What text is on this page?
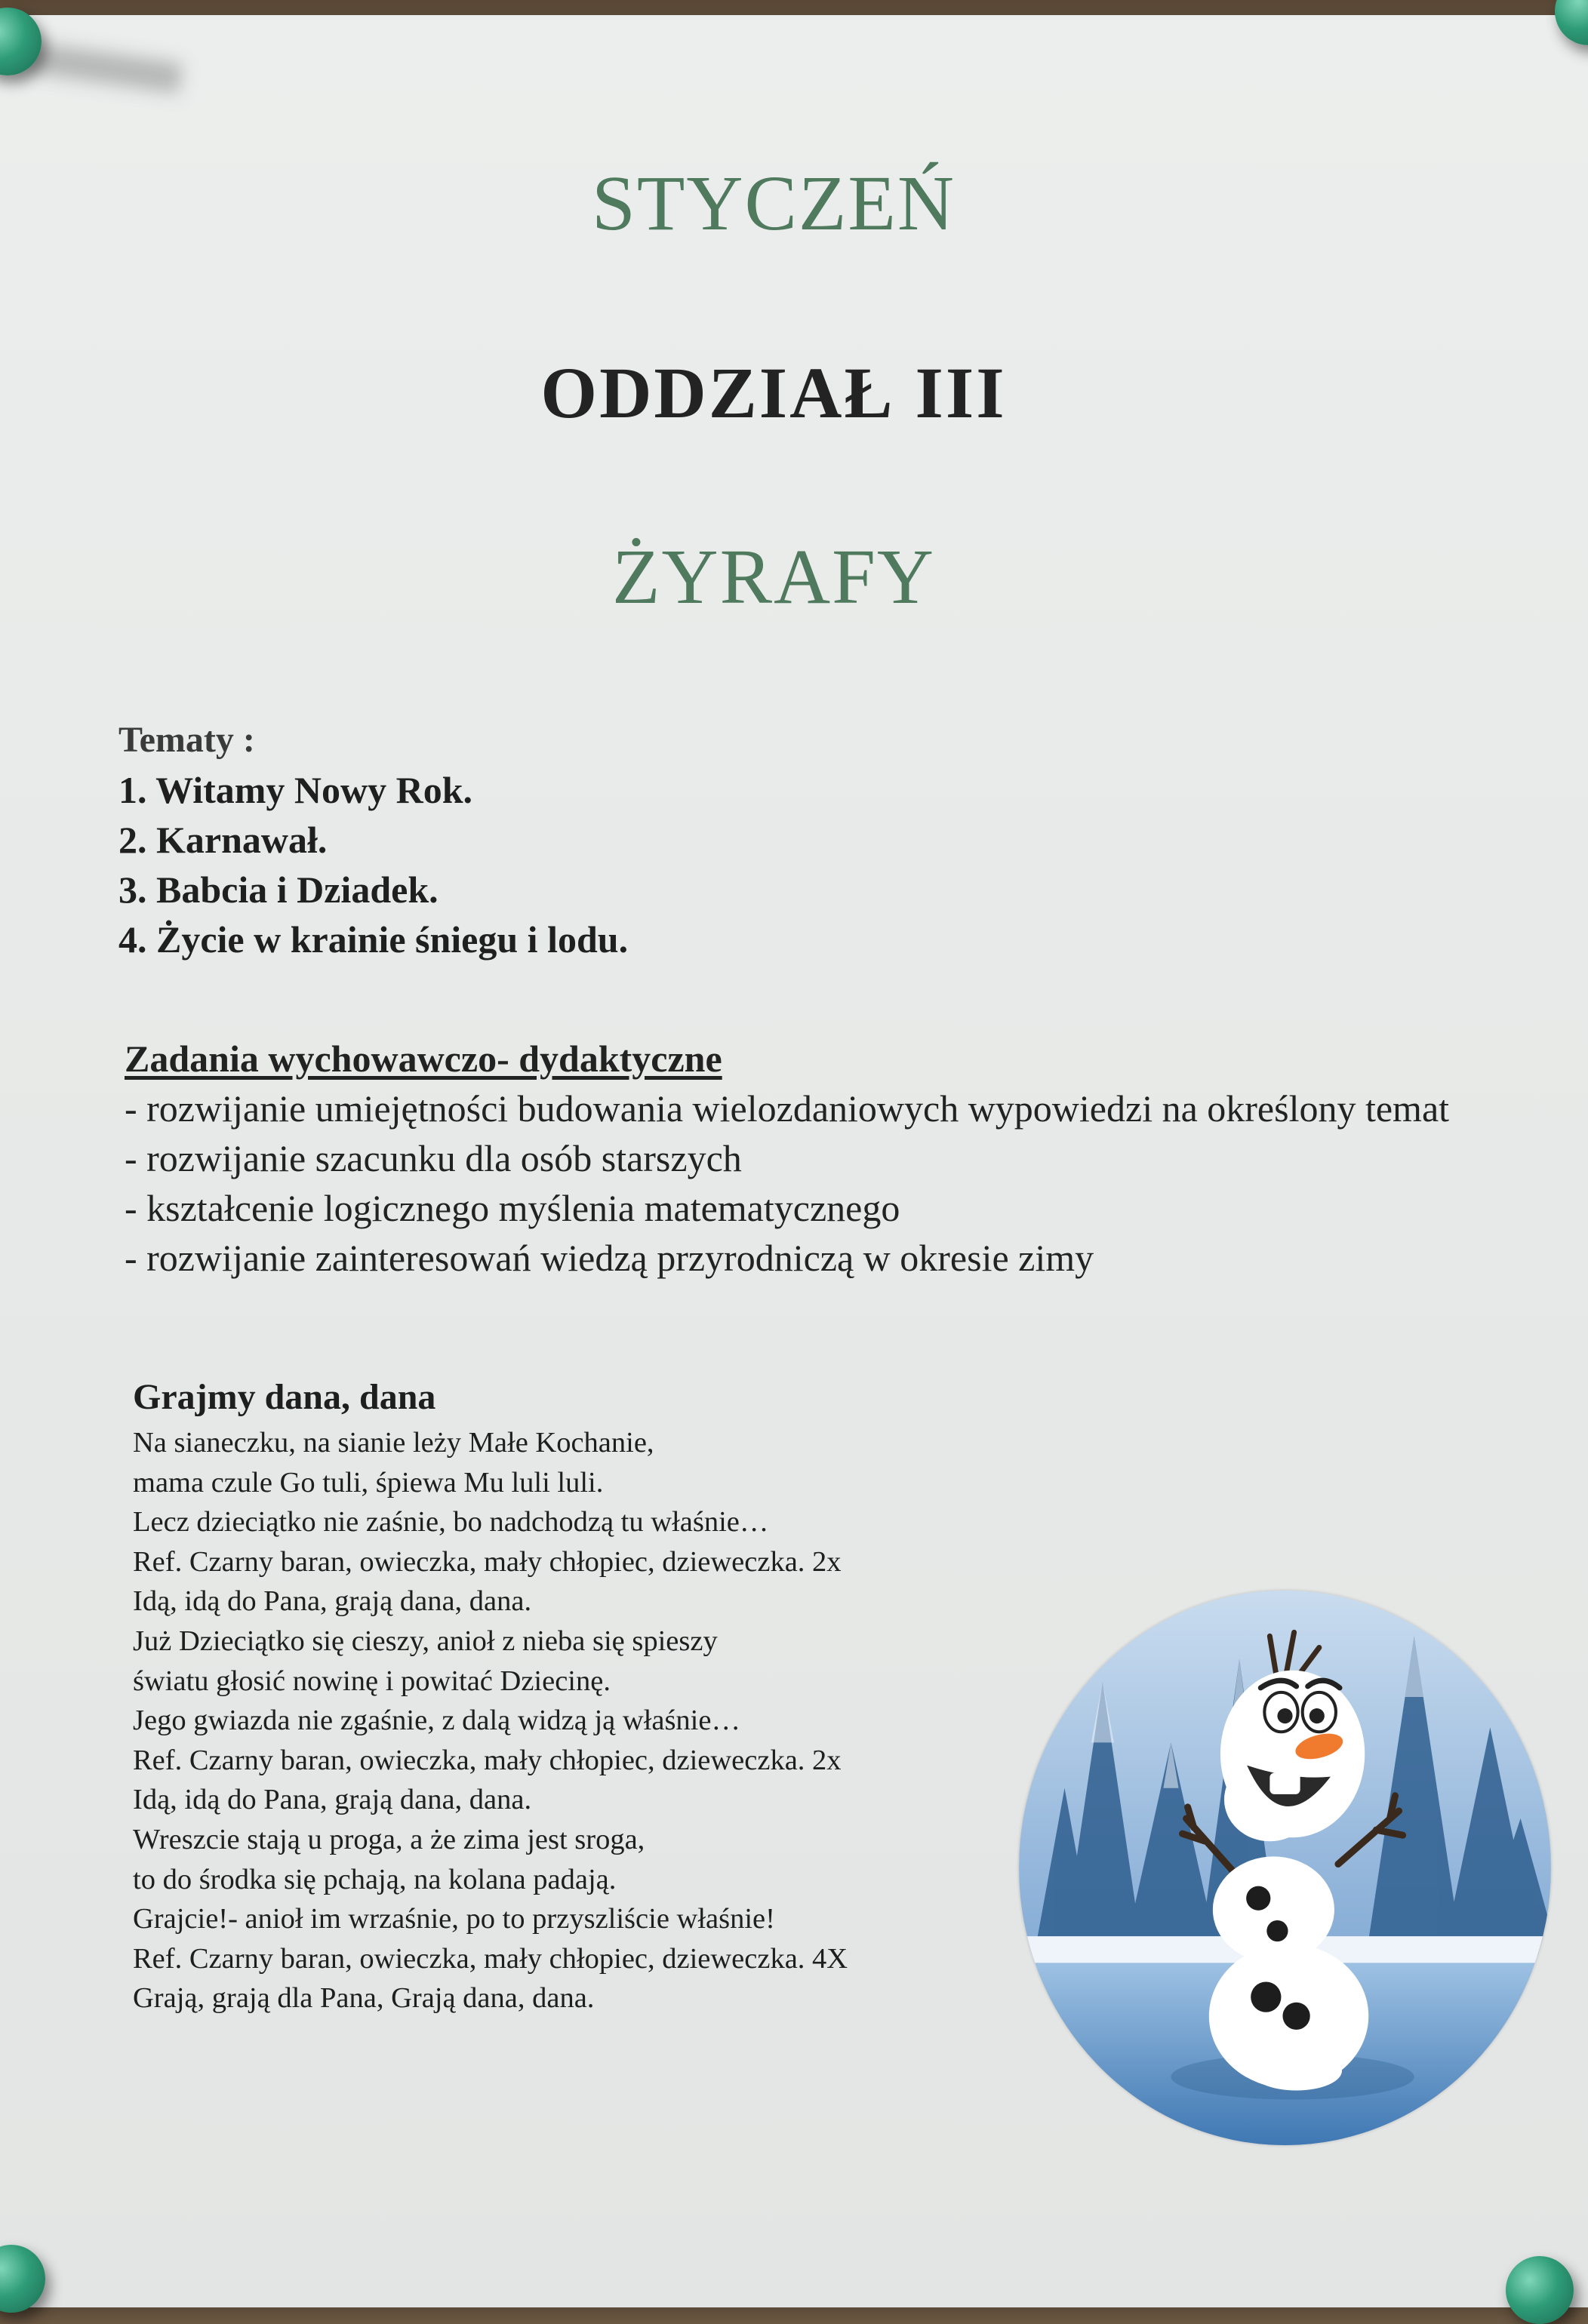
STYCZEŃ
ODDZIAŁ III
ŻYRAFY
Tematy :
1. Witamy Nowy Rok.
2. Karnawał.
3. Babcia i Dziadek.
4. Życie w krainie śniegu i lodu.
Zadania wychowawczo- dydaktyczne
- rozwijanie umiejętności budowania wielozdaniowych wypowiedzi na określony temat
- rozwijanie szacunku dla osób starszych
- kształcenie logicznego myślenia matematycznego
- rozwijanie zainteresowań wiedzą przyrodniczą w okresie zimy
Grajmy dana, dana
Na sianeczku, na sianie leży Małe Kochanie,
mama czule Go tuli, śpiewa Mu luli luli.
Lecz dzieciątko nie zaśnie, bo nadchodzą tu właśnie…
Ref. Czarny baran, owieczka, mały chłopiec, dzieweczka. 2x
Idą, idą do Pana, grają dana, dana.
Już Dzieciątko się cieszy, anioł z nieba się spieszy
światu głosić nowinę i powitać Dziecinę.
Jego gwiazda nie zgaśnie, z dalą widzą ją właśnie…
Ref. Czarny baran, owieczka, mały chłopiec, dzieweczka. 2x
Idą, idą do Pana, grają dana, dana.
Wreszcie stają u proga, a że zima jest sroga,
to do środka się pchają, na kolana padają.
Grajcie!- anioł im wrzaśnie, po to przyszliście właśnie!
Ref. Czarny baran, owieczka, mały chłopiec, dzieweczka. 4X
Grają, grają dla Pana, Grają dana, dana.
